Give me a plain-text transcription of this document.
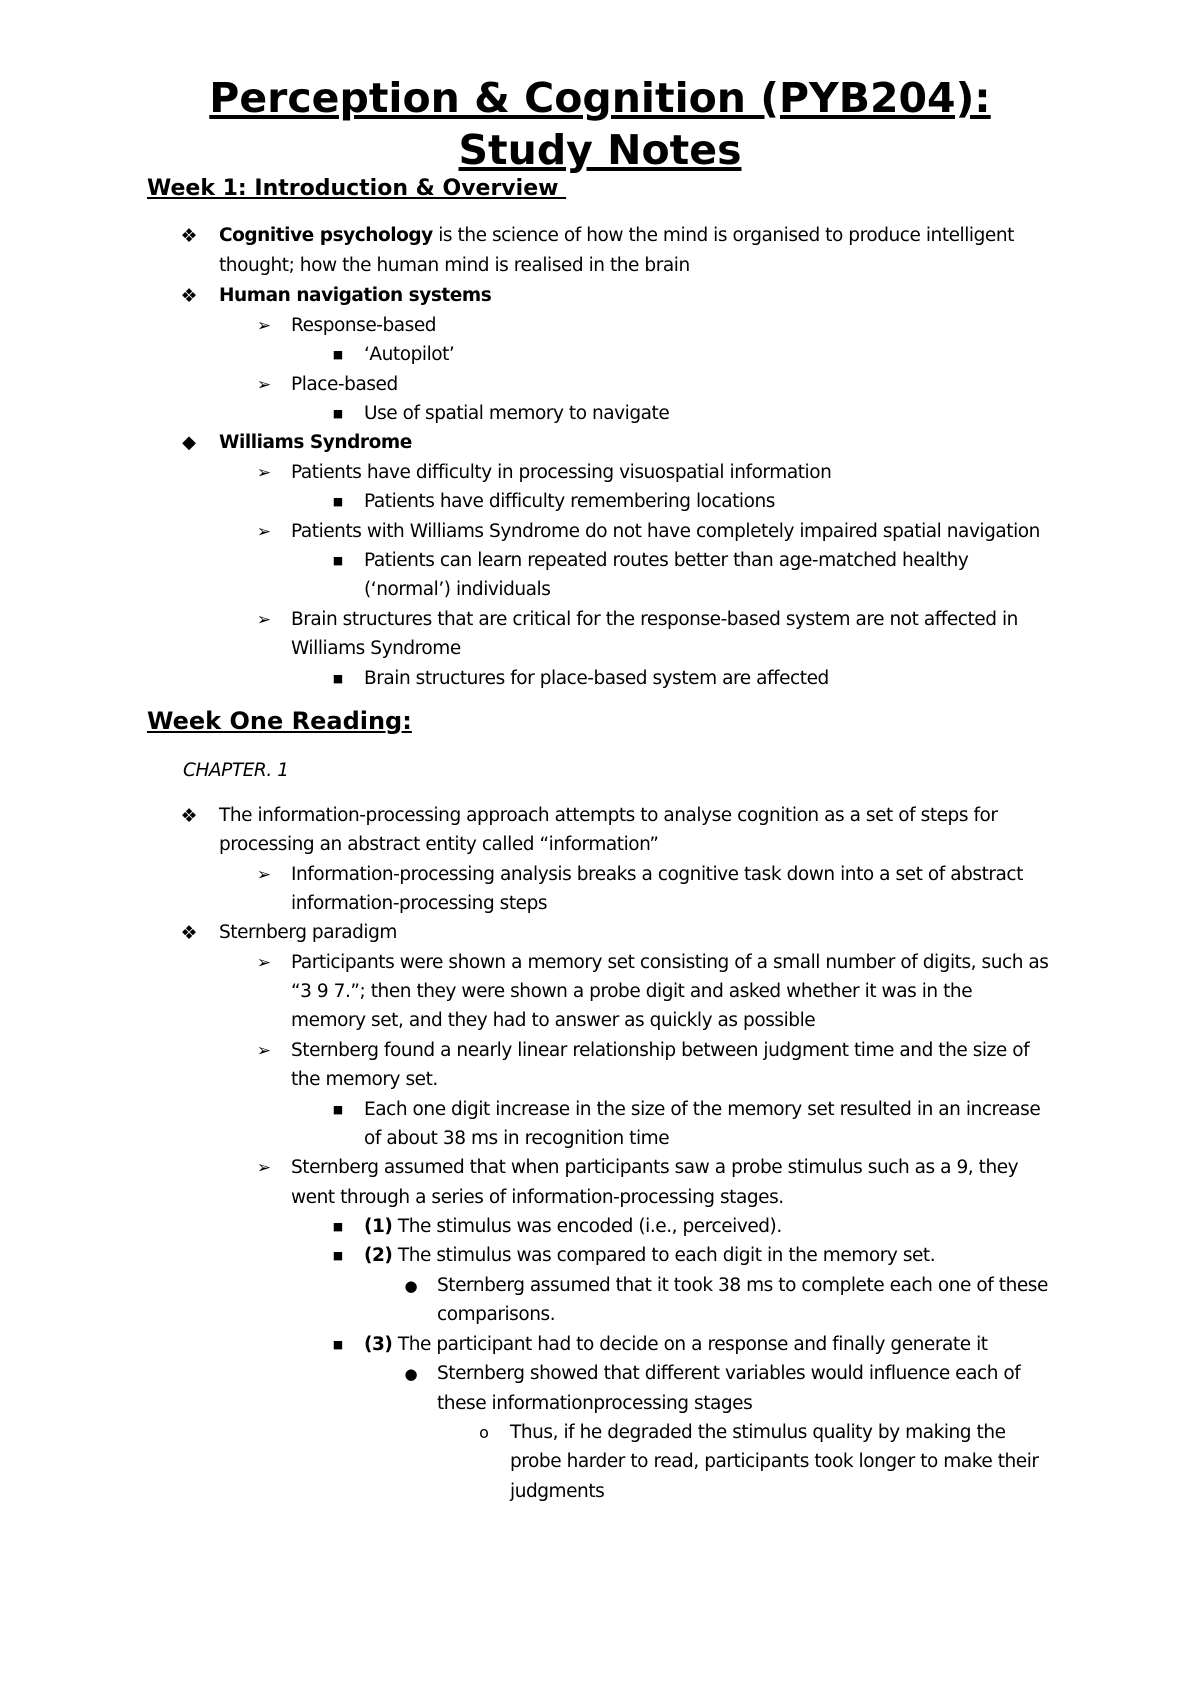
Perception & Cognition (PYB204):
Study Notes
Week 1: Introduction & Overview
❖ Cognitive psychology is the science of how the mind is organised to produce intelligent
thought; how the human mind is realised in the brain
❖ Human navigation systems
➢ Response-based
■	‘Autopilot’
➢ Place-based
■	Use of spatial memory to navigate
◆ Williams Syndrome
➢ Patients have difficulty in processing visuospatial information
■	Patients have difficulty remembering locations
➢ Patients with Williams Syndrome do not have completely impaired spatial navigation
■	Patients can learn repeated routes better than age-matched healthy
(‘normal’) individuals
➢ Brain structures that are critical for the response-based system are not affected in
Williams Syndrome
■	Brain structures for place-based system are affected
Week One Reading:
CHAPTER. 1
❖ The information-processing approach attempts to analyse cognition as a set of steps for
processing an abstract entity called “information”
➢ Information-processing analysis breaks a cognitive task down into a set of abstract
information-processing steps
❖ Sternberg paradigm
➢ Participants were shown a memory set consisting of a small number of digits, such as
“3 9 7.”; then they were shown a probe digit and asked whether it was in the
memory set, and they had to answer as quickly as possible
➢ Sternberg found a nearly linear relationship between judgment time and the size of
the memory set.
■	Each one digit increase in the size of the memory set resulted in an increase
of about 38 ms in recognition time
➢ Sternberg assumed that when participants saw a probe stimulus such as a 9, they
went through a series of information-processing stages.
■	(1) The stimulus was encoded (i.e., perceived).
■	(2) The stimulus was compared to each digit in the memory set.
● Sternberg assumed that it took 38 ms to complete each one of these
comparisons.
■	(3) The participant had to decide on a response and finally generate it
● Sternberg showed that different variables would influence each of
these informationprocessing stages
o	Thus, if he degraded the stimulus quality by making the
probe harder to read, participants took longer to make their
judgments
